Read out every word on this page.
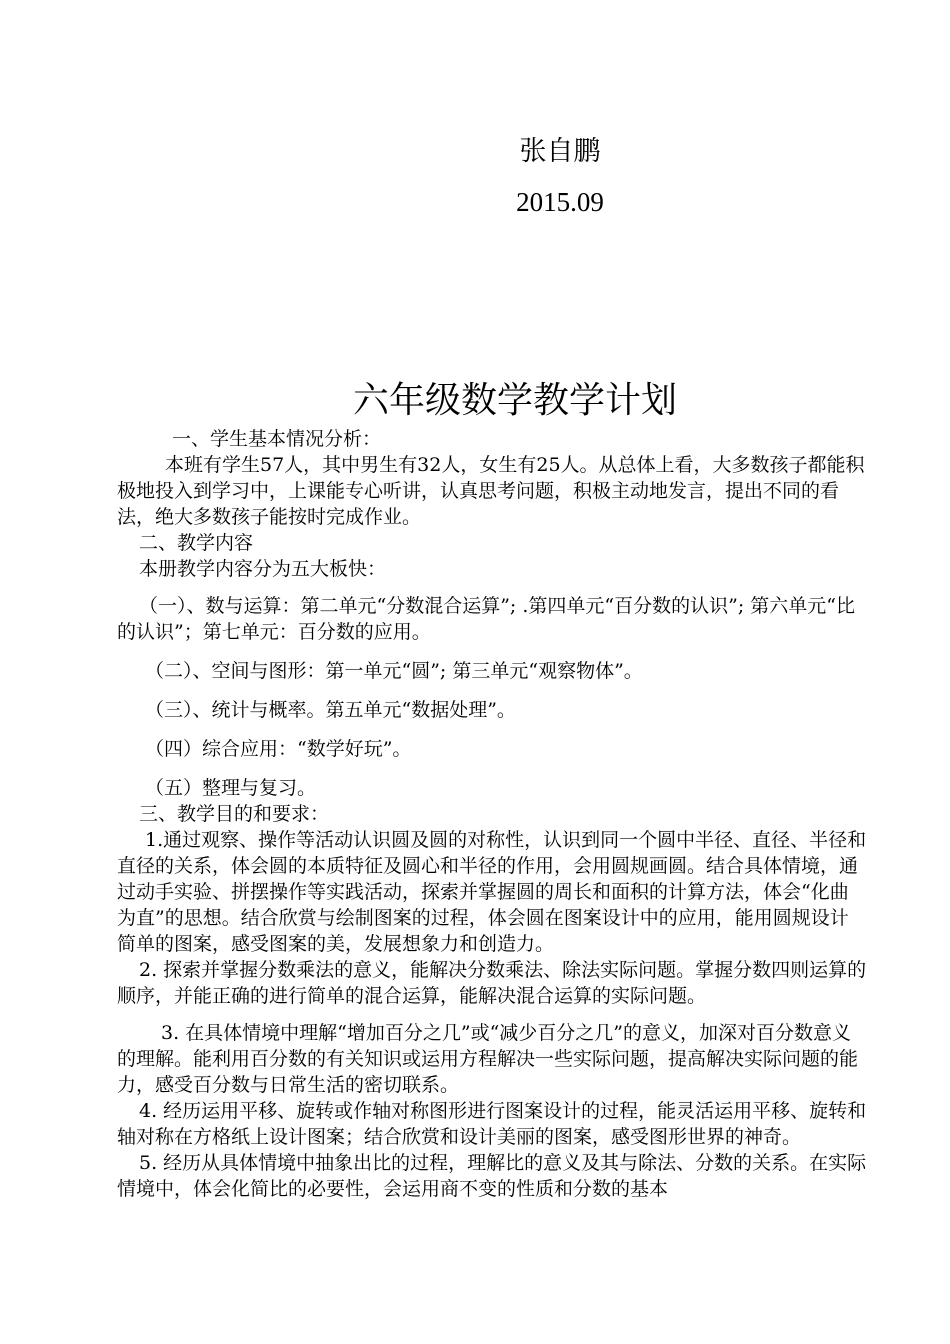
张自鹏
2015.09
六年级数学教学计划

一、学生基本情况分析：

本班有学生57人，其中男生有32人，女生有25人。从总体上看，大多数孩子都能积极地投入到学习中，上课能专心听讲，认真思考问题，积极主动地发言，提出不同的看法，绝大多数孩子能按时完成作业。

二、教学内容

本册教学内容分为五大板快：

（一）、数与运算：第二单元“分数混合运算”; .第四单元“百分数的认识”; 第六单元“比的认识”；第七单元：百分数的应用。

（二）、空间与图形：第一单元“圆”; 第三单元“观察物体”。

（三）、统计与概率。第五单元“数据处理”。

（四）综合应用：“数学好玩”。

（五）整理与复习。

三、教学目的和要求：

1.通过观察、操作等活动认识圆及圆的对称性，认识到同一个圆中半径、直径、半径和直径的关系，体会圆的本质特征及圆心和半径的作用，会用圆规画圆。结合具体情境，通过动手实验、拼摆操作等实践活动，探索并掌握圆的周长和面积的计算方法，体会“化曲为直”的思想。结合欣赏与绘制图案的过程，体会圆在图案设计中的应用，能用圆规设计简单的图案，感受图案的美，发展想象力和创造力。

2. 探索并掌握分数乘法的意义，能解决分数乘法、除法实际问题。掌握分数四则运算的顺序，并能正确的进行简单的混合运算，能解决混合运算的实际问题。

3. 在具体情境中理解“增加百分之几”或“减少百分之几”的意义，加深对百分数意义的理解。能利用百分数的有关知识或运用方程解决一些实际问题，提高解决实际问题的能力，感受百分数与日常生活的密切联系。

4. 经历运用平移、旋转或作轴对称图形进行图案设计的过程，能灵活运用平移、旋转和轴对称在方格纸上设计图案；结合欣赏和设计美丽的图案，感受图形世界的神奇。

5. 经历从具体情境中抽象出比的过程，理解比的意义及其与除法、分数的关系。在实际情境中，体会化简比的必要性，会运用商不变的性质和分数的基本
